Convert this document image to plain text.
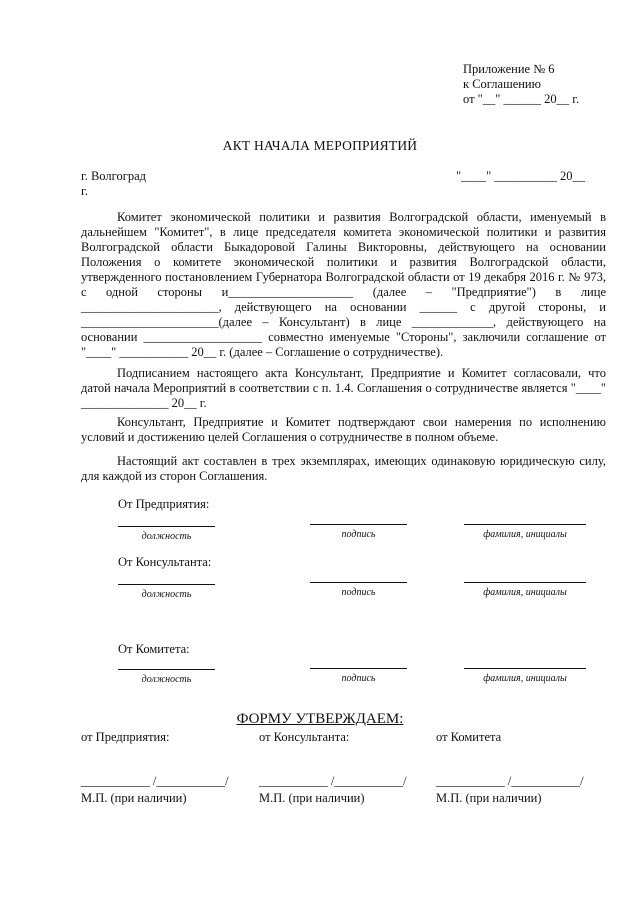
Приложение № 6
к Соглашению
от "__" ______ 20__ г.
АКТ НАЧАЛА МЕРОПРИЯТИЙ
г. Волгоград
г.
"____" __________ 20__
Комитет экономической политики и развития Волгоградской области, именуемый в дальнейшем "Комитет", в лице председателя комитета экономической политики и развития Волгоградской области Быкадоровой Галины Викторовны, действующего на основании Положения о комитете экономической политики и развития Волгоградской области, утвержденного постановлением Губернатора Волгоградской области от 19 декабря 2016 г. № 973, с одной стороны и____________________ (далее – "Предприятие") в лице ______________________, действующего на основании ______ с другой стороны, и ______________________(далее – Консультант) в лице _____________, действующего на основании ___________________ совместно именуемые "Стороны", заключили соглашение от "____" ___________ 20__ г. (далее – Соглашение о сотрудничестве).
Подписанием настоящего акта Консультант, Предприятие и Комитет согласовали, что датой начала Мероприятий в соответствии с п. 1.4. Соглашения о сотрудничестве является "____" ______________ 20__ г.
Консультант, Предприятие и Комитет подтверждают свои намерения по исполнению условий и достижению целей Соглашения о сотрудничестве в полном объеме.
Настоящий акт составлен в трех экземплярах, имеющих одинаковую юридическую силу, для каждой из сторон Соглашения.
От Предприятия:
должность	подпись	фамилия, инициалы
От Консультанта:
должность	подпись	фамилия, инициалы
От Комитета:
должность	подпись	фамилия, инициалы
ФОРМУ УТВЕРЖДАЕМ:
от Предприятия:	от Консультанта:	от Комитета
___________ /___________/ ___________ /___________/ ___________ /___________/
М.П. (при наличии)	М.П. (при наличии)	М.П. (при наличии)
